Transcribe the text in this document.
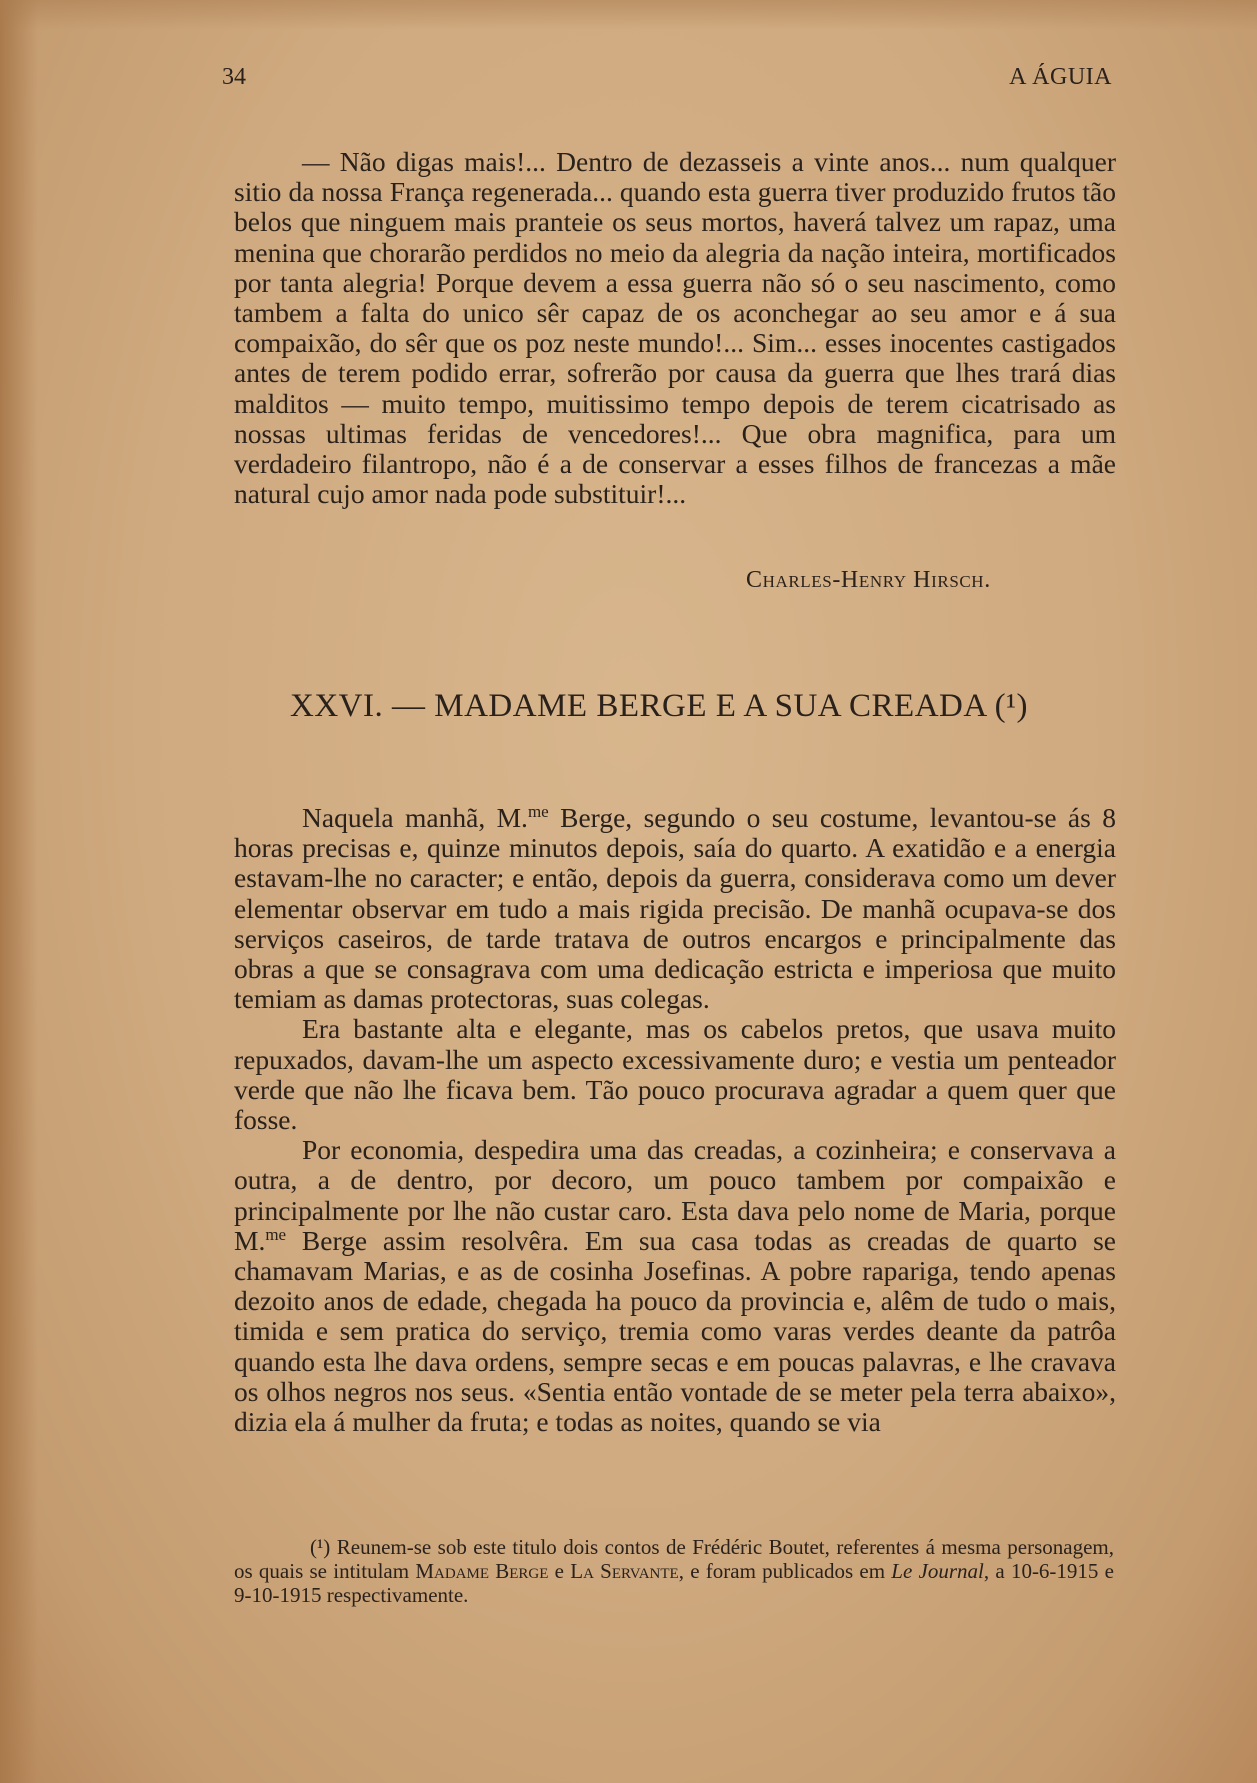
34	A ÁGUIA

— Não digas mais!... Dentro de dezasseis a vinte anos... num qualquer sitio da nossa França regenerada... quando esta guerra tiver produzido frutos tão belos que ninguem mais pranteie os seus mortos, haverá talvez um rapaz, uma menina que chorarão perdidos no meio da alegria da nação inteira, mortificados por tanta alegria! Porque devem a essa guerra não só o seu nascimento, como tambem a falta do unico sêr capaz de os aconchegar ao seu amor e á sua compaixão, do sêr que os poz neste mundo!... Sim... esses inocentes castigados antes de terem podido errar, sofrerão por causa da guerra que lhes trará dias malditos — muito tempo, muitissimo tempo depois de terem cicatrisado as nossas ultimas feridas de vencedores!... Que obra magnifica, para um verdadeiro filantropo, não é a de conservar a esses filhos de francezas a mãe natural cujo amor nada pode substituir!...

Charles-Henry Hirsch.
XXVI. — MADAME BERGE E A SUA CREADA (¹)

Naquela manhã, M.$^{me}$ Berge, segundo o seu costume, levantou-se ás 8 horas precisas e, quinze minutos depois, saía do quarto. A exatidão e a energia estavam-lhe no caracter; e então, depois da guerra, considerava como um dever elementar observar em tudo a mais rigida precisão. De manhã ocupava-se dos serviços caseiros, de tarde tratava de outros encargos e principalmente das obras a que se consagrava com uma dedicação estricta e imperiosa que muito temiam as damas protectoras, suas colegas.

Era bastante alta e elegante, mas os cabelos pretos, que usava muito repuxados, davam-lhe um aspecto excessivamente duro; e vestia um penteador verde que não lhe ficava bem. Tão pouco procurava agradar a quem quer que fosse.

Por economia, despedira uma das creadas, a cozinheira; e conservava a outra, a de dentro, por decoro, um pouco tambem por compaixão e principalmente por lhe não custar caro. Esta dava pelo nome de Maria, porque M.$^{me}$ Berge assim resolvêra. Em sua casa todas as creadas de quarto se chamavam Marias, e as de cosinha Josefinas. A pobre rapariga, tendo apenas dezoito anos de edade, chegada ha pouco da provincia e, alêm de tudo o mais, timida e sem pratica do serviço, tremia como varas verdes deante da patrôa quando esta lhe dava ordens, sempre secas e em poucas palavras, e lhe cravava os olhos negros nos seus. «Sentia então vontade de se meter pela terra abaixo», dizia ela á mulher da fruta; e todas as noites, quando se via

(¹) Reunem-se sob este titulo dois contos de Frédéric Boutet, referentes á mesma personagem, os quais se intitulam Madame Berge e La Servante, e foram publicados em Le Journal, a 10-6-1915 e 9-10-1915 respectivamente.
